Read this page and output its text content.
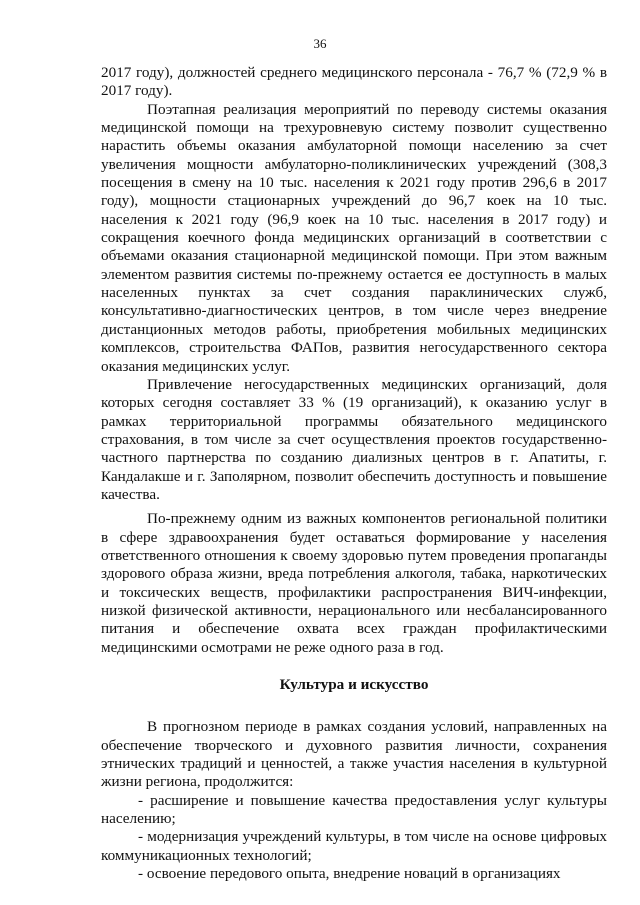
36

2017 году), должностей среднего медицинского персонала - 76,7 % (72,9 % в 2017 году).

Поэтапная реализация мероприятий по переводу системы оказания медицинской помощи на трехуровневую систему позволит существенно нарастить объемы оказания амбулаторной помощи населению за счет увеличения мощности амбулаторно-поликлинических учреждений (308,3 посещения в смену на 10 тыс. населения к 2021 году против 296,6 в 2017 году), мощности стационарных учреждений до 96,7 коек на 10 тыс. населения к 2021 году (96,9 коек на 10 тыс. населения в 2017 году) и сокращения коечного фонда медицинских организаций в соответствии с объемами оказания стационарной медицинской помощи. При этом важным элементом развития системы по-прежнему остается ее доступность в малых населенных пунктах за счет создания параклинических служб, консультативно-диагностических центров, в том числе через внедрение дистанционных методов работы, приобретения мобильных медицинских комплексов, строительства ФАПов, развития негосударственного сектора оказания медицинских услуг.

Привлечение негосударственных медицинских организаций, доля которых сегодня составляет 33 % (19 организаций), к оказанию услуг в рамках территориальной программы обязательного медицинского страхования, в том числе за счет осуществления проектов государственно-частного партнерства по созданию диализных центров в г. Апатиты, г. Кандалакше и г. Заполярном, позволит обеспечить доступность и повышение качества.

По-прежнему одним из важных компонентов региональной политики в сфере здравоохранения будет оставаться формирование у населения ответственного отношения к своему здоровью путем проведения пропаганды здорового образа жизни, вреда потребления алкоголя, табака, наркотических и токсических веществ, профилактики распространения ВИЧ-инфекции, низкой физической активности, нерационального или несбалансированного питания и обеспечение охвата всех граждан профилактическими медицинскими осмотрами не реже одного раза в год.

Культура и искусство

В прогнозном периоде в рамках создания условий, направленных на обеспечение творческого и духовного развития личности, сохранения этнических традиций и ценностей, а также участия населения в культурной жизни региона, продолжится:

- расширение и повышение качества предоставления услуг культуры населению;

- модернизация учреждений культуры, в том числе на основе цифровых коммуникационных технологий;

- освоение передового опыта, внедрение новаций в организациях
